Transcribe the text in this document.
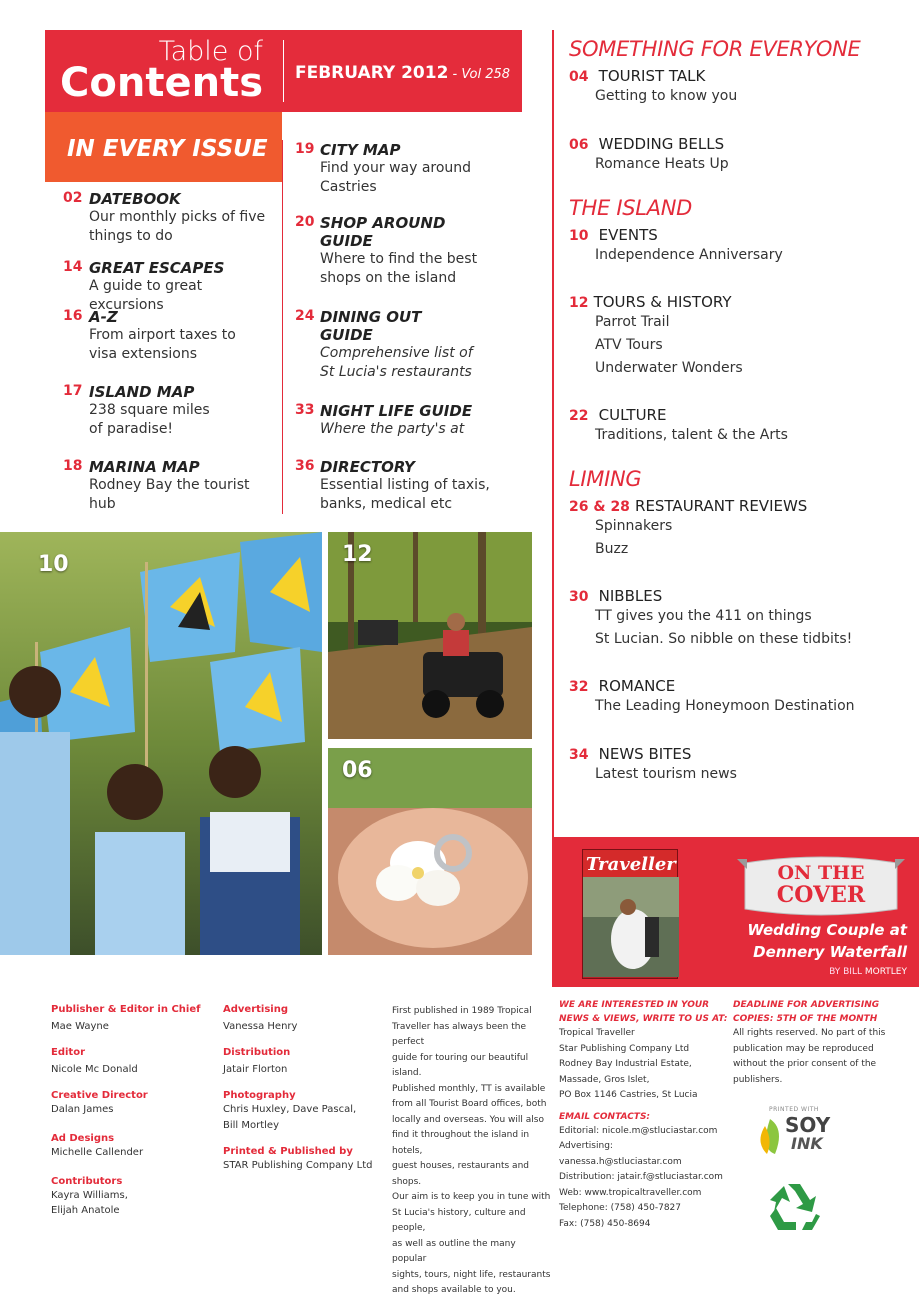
Table of
Contents FEBRUARY 2012 - Vol 258
IN EVERY ISSUE
02 DATEBOOK
Our monthly picks of five
things to do
14 GREAT ESCAPES
A guide to great excursions
16 A-Z
From airport taxes to
visa extensions
17 ISLAND MAP
238 square miles
of paradise!
18 MARINA MAP
Rodney Bay the tourist hub
19 CITY MAP
Find your way around
Castries
20 SHOP AROUND
GUIDE
Where to find the best
shops on the island
24 DINING OUT
GUIDE
Comprehensive list of
St Lucia's restaurants
33 NIGHT LIFE GUIDE
Where the party's at
36 DIRECTORY
Essential listing of taxis,
banks, medical etc
SOMETHING FOR EVERYONE
04 TOURIST TALK
Getting to know you
06 WEDDING BELLS
Romance Heats Up
THE ISLAND
10 EVENTS
Independence Anniversary
12 TOURS & HISTORY
Parrot Trail
ATV Tours
Underwater Wonders
22 CULTURE
Traditions, talent & the Arts
LIMING
26 & 28 RESTAURANT REVIEWS
Spinnakers
Buzz
30 NIBBLES
TT gives you the 411 on things
St Lucian. So nibble on these tidbits!
32 ROMANCE
The Leading Honeymoon Destination
34 NEWS BITES
Latest tourism news
10	12
06
Traveller	ON THE
COVER
Wedding Couple at
Dennery Waterfall
BY BILL MORTLEY
Publisher & Editor in Chief
Mae Wayne
Editor
Nicole Mc Donald
Creative Director
Dalan James
Ad Designs
Michelle Callender
Contributors
Kayra Williams,
Elijah Anatole
Advertising
Vanessa Henry
Distribution
Jatair Florton
Photography
Chris Huxley, Dave Pascal,
Bill Mortley
Printed & Published by
STAR Publishing Company Ltd
First published in 1989 Tropical
Traveller has always been the perfect
guide for touring our beautiful island.
Published monthly, TT is available
from all Tourist Board offices, both
locally and overseas. You will also
find it throughout the island in hotels,
guest houses, restaurants and shops.
Our aim is to keep you in tune with
St Lucia's history, culture and people,
as well as outline the many popular
sights, tours, night life, restaurants
and shops available to you.
WE ARE INTERESTED IN YOUR
NEWS & VIEWS, WRITE TO US AT:
Tropical Traveller
Star Publishing Company Ltd
Rodney Bay Industrial Estate,
Massade, Gros Islet,
PO Box 1146 Castries, St Lucia
EMAIL CONTACTS:
Editorial: nicole.m@stluciastar.com
Advertising: vanessa.h@stluciastar.com
Distribution: jatair.f@stluciastar.com
Web: www.tropicaltraveller.com
Telephone: (758) 450-7827
Fax: (758) 450-8694
DEADLINE FOR ADVERTISING
COPIES: 5TH OF THE MONTH
All rights reserved. No part of this
publication may be reproduced
without the prior consent of the
publishers.
PRINTED WITH
SOY
INK
